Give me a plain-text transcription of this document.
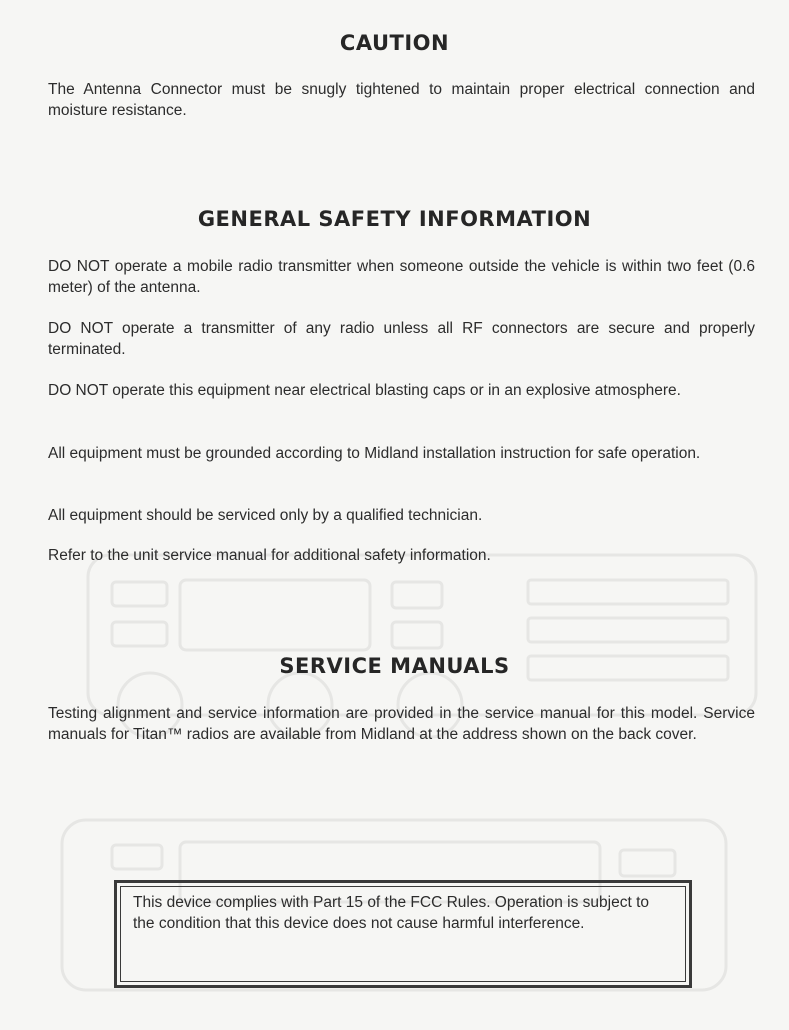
CAUTION
The Antenna Connector must be snugly tightened to maintain proper electrical connection and moisture resistance.
GENERAL SAFETY INFORMATION
DO NOT operate a mobile radio transmitter when someone outside the vehicle is within two feet (0.6 meter) of the antenna.
DO NOT operate a transmitter of any radio unless all RF connectors are secure and properly terminated.
DO NOT operate this equipment near electrical blasting caps or in an explosive atmosphere.
All equipment must be grounded according to Midland installation instruction for safe operation.
All equipment should be serviced only by a qualified technician.
Refer to the unit service manual for additional safety information.
SERVICE MANUALS
Testing alignment and service information are provided in the service manual for this model. Service manuals for Titan™ radios are available from Midland at the address shown on the back cover.
This device complies with Part 15 of the FCC Rules. Operation is subject to the condition that this device does not cause harmful interference.
